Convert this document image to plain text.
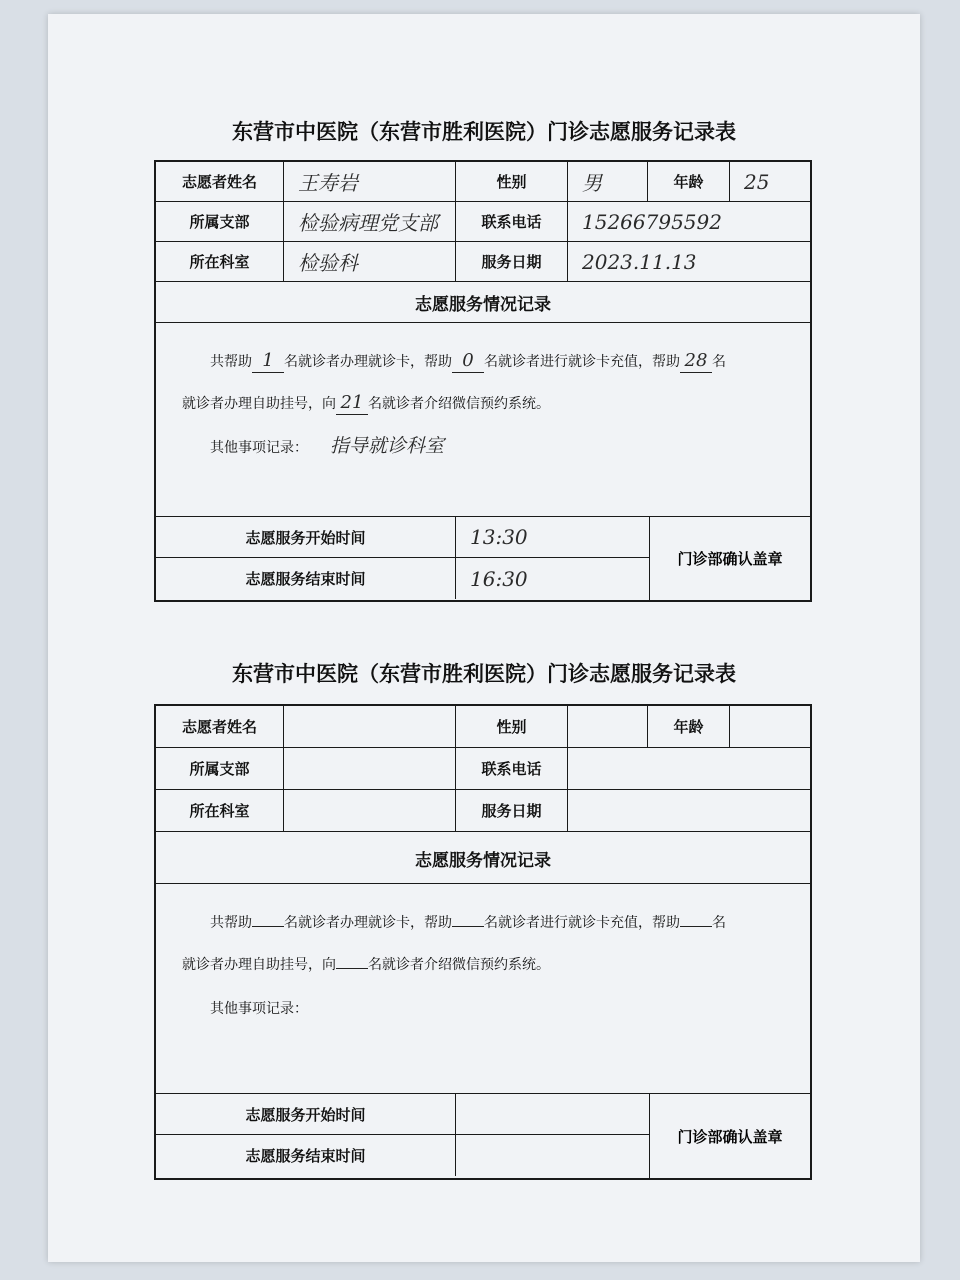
东营市中医院（东营市胜利医院）门诊志愿服务记录表
志愿者姓名	王寿岩	性别	男	年龄	25
所属支部	检验病理党支部	联系电话	15266795592
所在科室	检验科	服务日期	2023.11.13
志愿服务情况记录
共帮助 1 名就诊者办理就诊卡，帮助 0 名就诊者进行就诊卡充值，帮助 28 名
就诊者办理自助挂号，向 21 名就诊者介绍微信预约系统。
其他事项记录： 指导就诊科室
志愿服务开始时间	13:30
志愿服务结束时间	16:30
门诊部确认盖章
东营市中医院（东营市胜利医院）门诊志愿服务记录表
志愿者姓名	性别	年龄
所属支部	联系电话
所在科室	服务日期
志愿服务情况记录
共帮助 名就诊者办理就诊卡，帮助 名就诊者进行就诊卡充值，帮助 名
就诊者办理自助挂号，向 名就诊者介绍微信预约系统。
其他事项记录：
志愿服务开始时间
志愿服务结束时间
门诊部确认盖章
